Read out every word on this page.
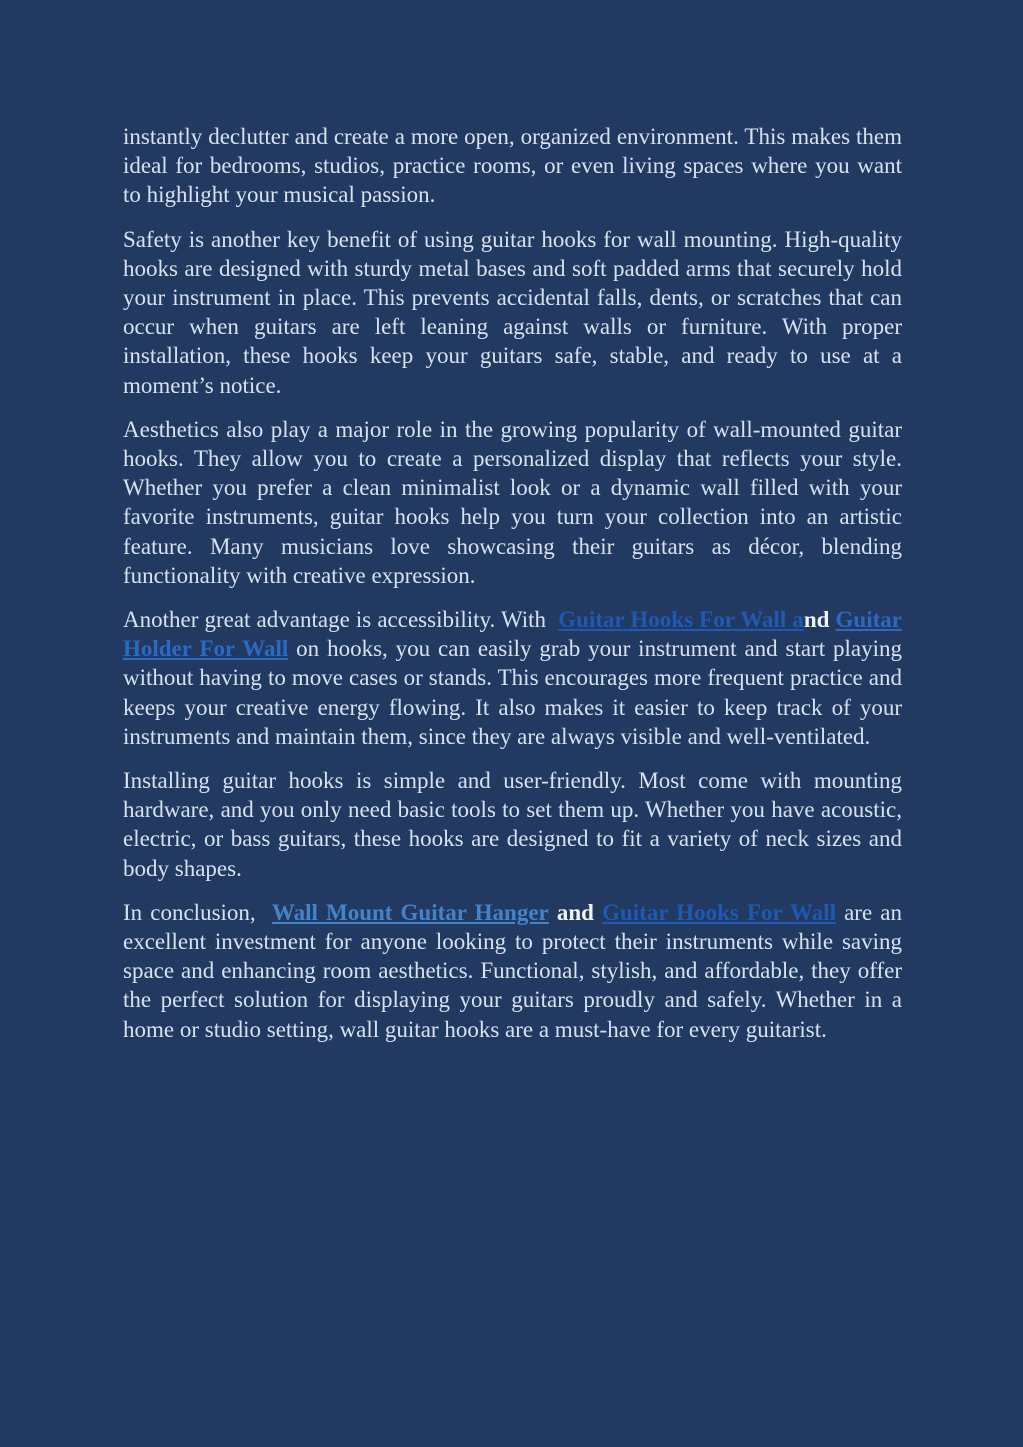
instantly declutter and create a more open, organized environment. This makes them ideal for bedrooms, studios, practice rooms, or even living spaces where you want to highlight your musical passion.

Safety is another key benefit of using guitar hooks for wall mounting. High-quality hooks are designed with sturdy metal bases and soft padded arms that securely hold your instrument in place. This prevents accidental falls, dents, or scratches that can occur when guitars are left leaning against walls or furniture. With proper installation, these hooks keep your guitars safe, stable, and ready to use at a moment’s notice.

Aesthetics also play a major role in the growing popularity of wall-mounted guitar hooks. They allow you to create a personalized display that reflects your style. Whether you prefer a clean minimalist look or a dynamic wall filled with your favorite instruments, guitar hooks help you turn your collection into an artistic feature. Many musicians love showcasing their guitars as décor, blending functionality with creative expression.

Another great advantage is accessibility. With  Guitar Hooks For Wall and Guitar Holder For Wall on hooks, you can easily grab your instrument and start playing without having to move cases or stands. This encourages more frequent practice and keeps your creative energy flowing. It also makes it easier to keep track of your instruments and maintain them, since they are always visible and well-ventilated.

Installing guitar hooks is simple and user-friendly. Most come with mounting hardware, and you only need basic tools to set them up. Whether you have acoustic, electric, or bass guitars, these hooks are designed to fit a variety of neck sizes and body shapes.

In conclusion,  Wall Mount Guitar Hanger and Guitar Hooks For Wall are an excellent investment for anyone looking to protect their instruments while saving space and enhancing room aesthetics. Functional, stylish, and affordable, they offer the perfect solution for displaying your guitars proudly and safely. Whether in a home or studio setting, wall guitar hooks are a must-have for every guitarist.
